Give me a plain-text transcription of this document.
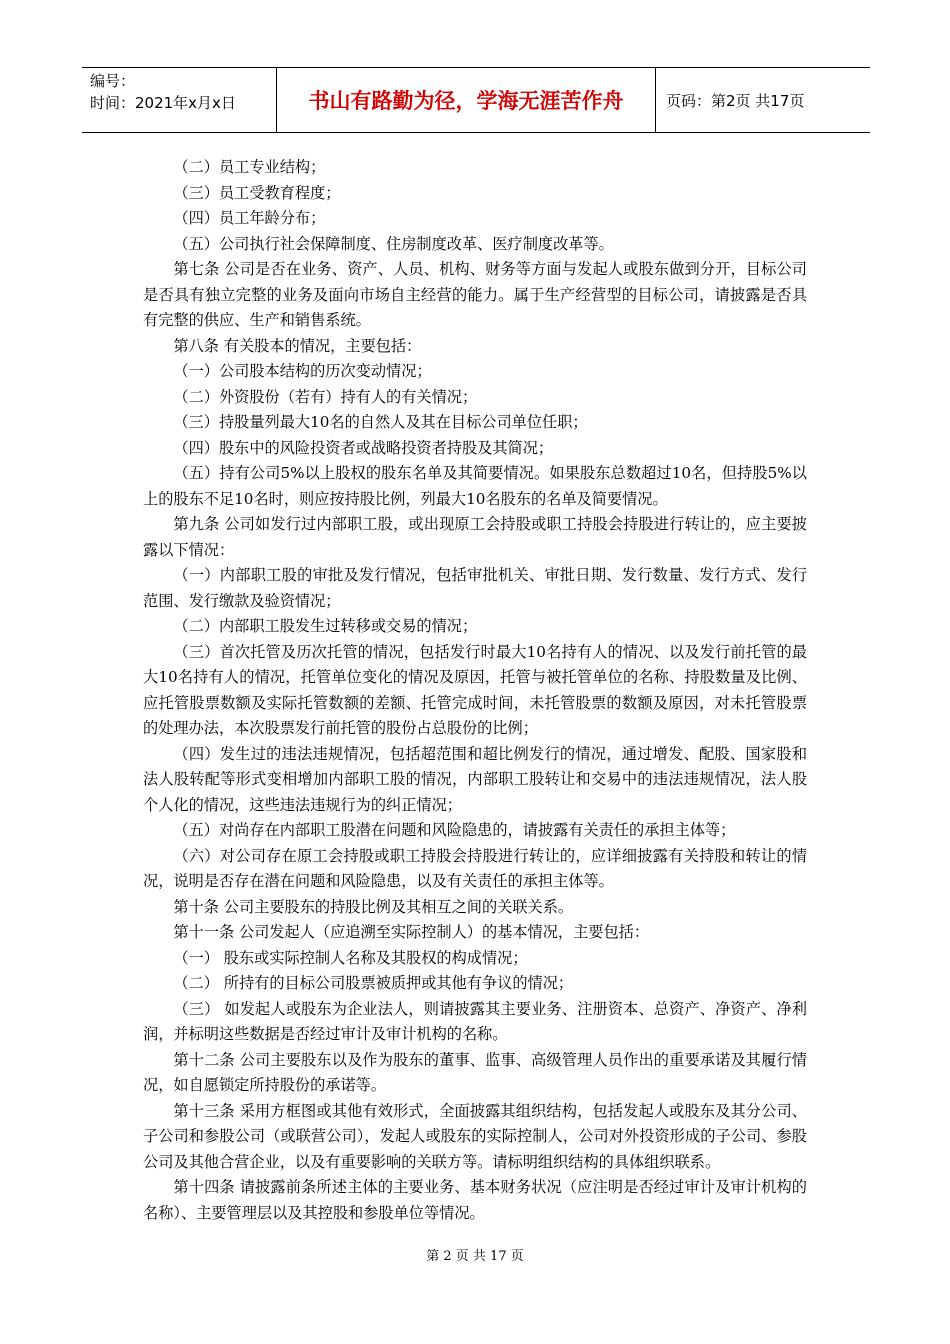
编号：
时间：2021年x月x日	书山有路勤为径，学海无涯苦作舟	页码：第2页 共17页

（二）员工专业结构；

（三）员工受教育程度；

（四）员工年龄分布；

（五）公司执行社会保障制度、住房制度改革、医疗制度改革等。

第七条 公司是否在业务、资产、人员、机构、财务等方面与发起人或股东做到分开，目标公司是否具有独立完整的业务及面向市场自主经营的能力。属于生产经营型的目标公司，请披露是否具有完整的供应、生产和销售系统。

第八条 有关股本的情况，主要包括：

（一）公司股本结构的历次变动情况；

（二）外资股份（若有）持有人的有关情况；

（三）持股量列最大10名的自然人及其在目标公司单位任职；

（四）股东中的风险投资者或战略投资者持股及其简况；

（五）持有公司5%以上股权的股东名单及其简要情况。如果股东总数超过10名，但持股5%以上的股东不足10名时，则应按持股比例，列最大10名股东的名单及简要情况。

第九条 公司如发行过内部职工股，或出现原工会持股或职工持股会持股进行转让的，应主要披露以下情况：

（一）内部职工股的审批及发行情况，包括审批机关、审批日期、发行数量、发行方式、发行范围、发行缴款及验资情况；

（二）内部职工股发生过转移或交易的情况；

（三）首次托管及历次托管的情况，包括发行时最大10名持有人的情况、以及发行前托管的最大10名持有人的情况，托管单位变化的情况及原因，托管与被托管单位的名称、持股数量及比例、应托管股票数额及实际托管数额的差额、托管完成时间，未托管股票的数额及原因，对未托管股票的处理办法，本次股票发行前托管的股份占总股份的比例；

（四）发生过的违法违规情况，包括超范围和超比例发行的情况，通过增发、配股、国家股和法人股转配等形式变相增加内部职工股的情况，内部职工股转让和交易中的违法违规情况，法人股个人化的情况，这些违法违规行为的纠正情况；

（五）对尚存在内部职工股潜在问题和风险隐患的，请披露有关责任的承担主体等；

（六）对公司存在原工会持股或职工持股会持股进行转让的，应详细披露有关持股和转让的情况，说明是否存在潜在问题和风险隐患，以及有关责任的承担主体等。

第十条 公司主要股东的持股比例及其相互之间的关联关系。

第十一条 公司发起人（应追溯至实际控制人）的基本情况，主要包括：

（一） 股东或实际控制人名称及其股权的构成情况；

（二） 所持有的目标公司股票被质押或其他有争议的情况；

（三） 如发起人或股东为企业法人，则请披露其主要业务、注册资本、总资产、净资产、净利润，并标明这些数据是否经过审计及审计机构的名称。

第十二条 公司主要股东以及作为股东的董事、监事、高级管理人员作出的重要承诺及其履行情况，如自愿锁定所持股份的承诺等。

第十三条 采用方框图或其他有效形式，全面披露其组织结构，包括发起人或股东及其分公司、子公司和参股公司（或联营公司），发起人或股东的实际控制人，公司对外投资形成的子公司、参股公司及其他合营企业，以及有重要影响的关联方等。请标明组织结构的具体组织联系。

第十四条 请披露前条所述主体的主要业务、基本财务状况（应注明是否经过审计及审计机构的名称）、主要管理层以及其控股和参股单位等情况。

第 2 页 共 17 页
